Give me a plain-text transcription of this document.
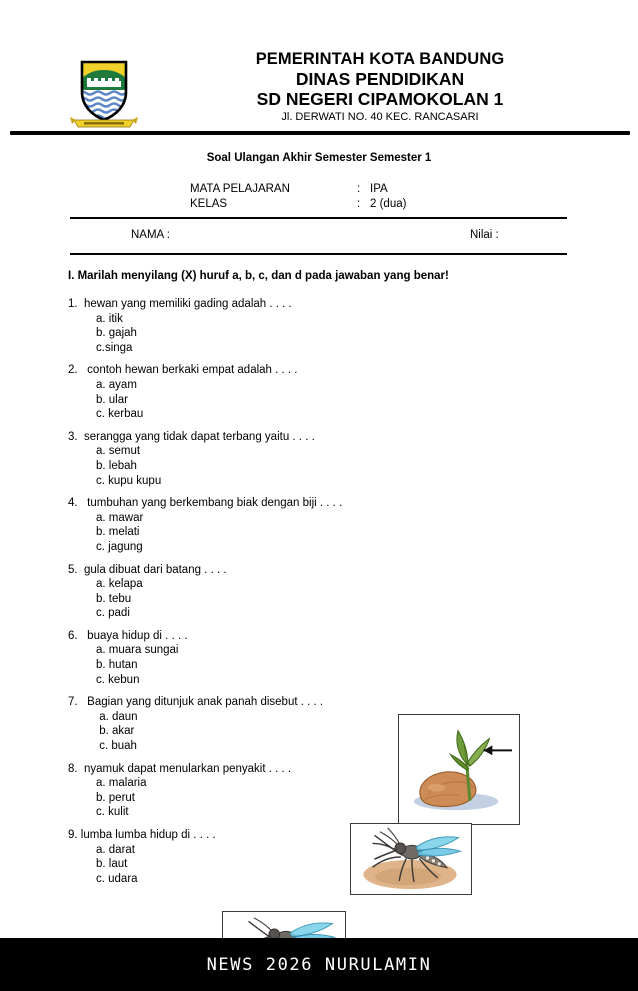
PEMERINTAH KOTA BANDUNG
DINAS PENDIDIKAN
SD NEGERI CIPAMOKOLAN 1
Jl. DERWATI NO. 40 KEC. RANCASARI
Soal Ulangan Akhir Semester Semester 1
MATA PELAJARAN	: IPA
KELAS	: 2 (dua)
NAMA :	Nilai :
I. Marilah menyilang (X) huruf a, b, c, dan d pada jawaban yang benar!
1.  hewan yang memiliki gading adalah . . . .
a. itik
b. gajah
c.singa
2.   contoh hewan berkaki empat adalah . . . .
a. ayam
b. ular
c. kerbau
3.  serangga yang tidak dapat terbang yaitu . . . .
a. semut
b. lebah
c. kupu kupu
4.   tumbuhan yang berkembang biak dengan biji . . . .
a. mawar
b. melati
c. jagung
5.  gula dibuat dari batang . . . .
a. kelapa
b. tebu
c. padi
6.   buaya hidup di . . . .
a. muara sungai
b. hutan
c. kebun
7.   Bagian yang ditunjuk anak panah disebut . . . .
a. daun
b. akar
c. buah
8.  nyamuk dapat menularkan penyakit . . . .
a. malaria
b. perut
c. kulit
9. lumba lumba hidup di . . . .
a. darat
b. laut
c. udara
NEWS 2026 NURULAMIN
